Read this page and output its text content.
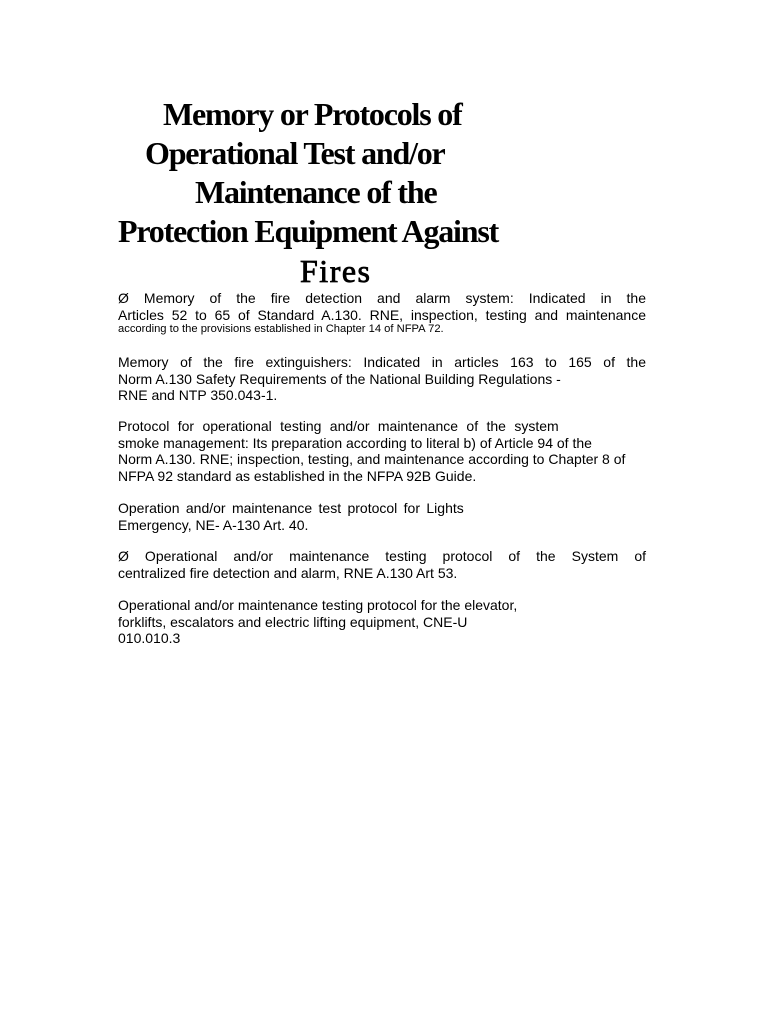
Memory or Protocols of
Operational Test and/or
Maintenance of the
Protection Equipment Against
Fires
Ø Memory of the fire detection and alarm system: Indicated in the
Articles 52 to 65 of Standard A.130. RNE, inspection, testing and maintenance
according to the provisions established in Chapter 14 of NFPA 72.
Memory of the fire extinguishers: Indicated in articles 163 to 165 of the
Norm A.130 Safety Requirements of the National Building Regulations -
RNE and NTP 350.043-1.
Protocol for operational testing and/or maintenance of the system
smoke management: Its preparation according to literal b) of Article 94 of the
Norm A.130. RNE; inspection, testing, and maintenance according to Chapter 8 of
NFPA 92 standard as established in the NFPA 92B Guide.
Operation and/or maintenance test protocol for Lights
Emergency, NE- A-130 Art. 40.
Ø Operational and/or maintenance testing protocol of the System of
centralized fire detection and alarm, RNE A.130 Art 53.
Operational and/or maintenance testing protocol for the elevator,
forklifts, escalators and electric lifting equipment, CNE-U
010.010.3
